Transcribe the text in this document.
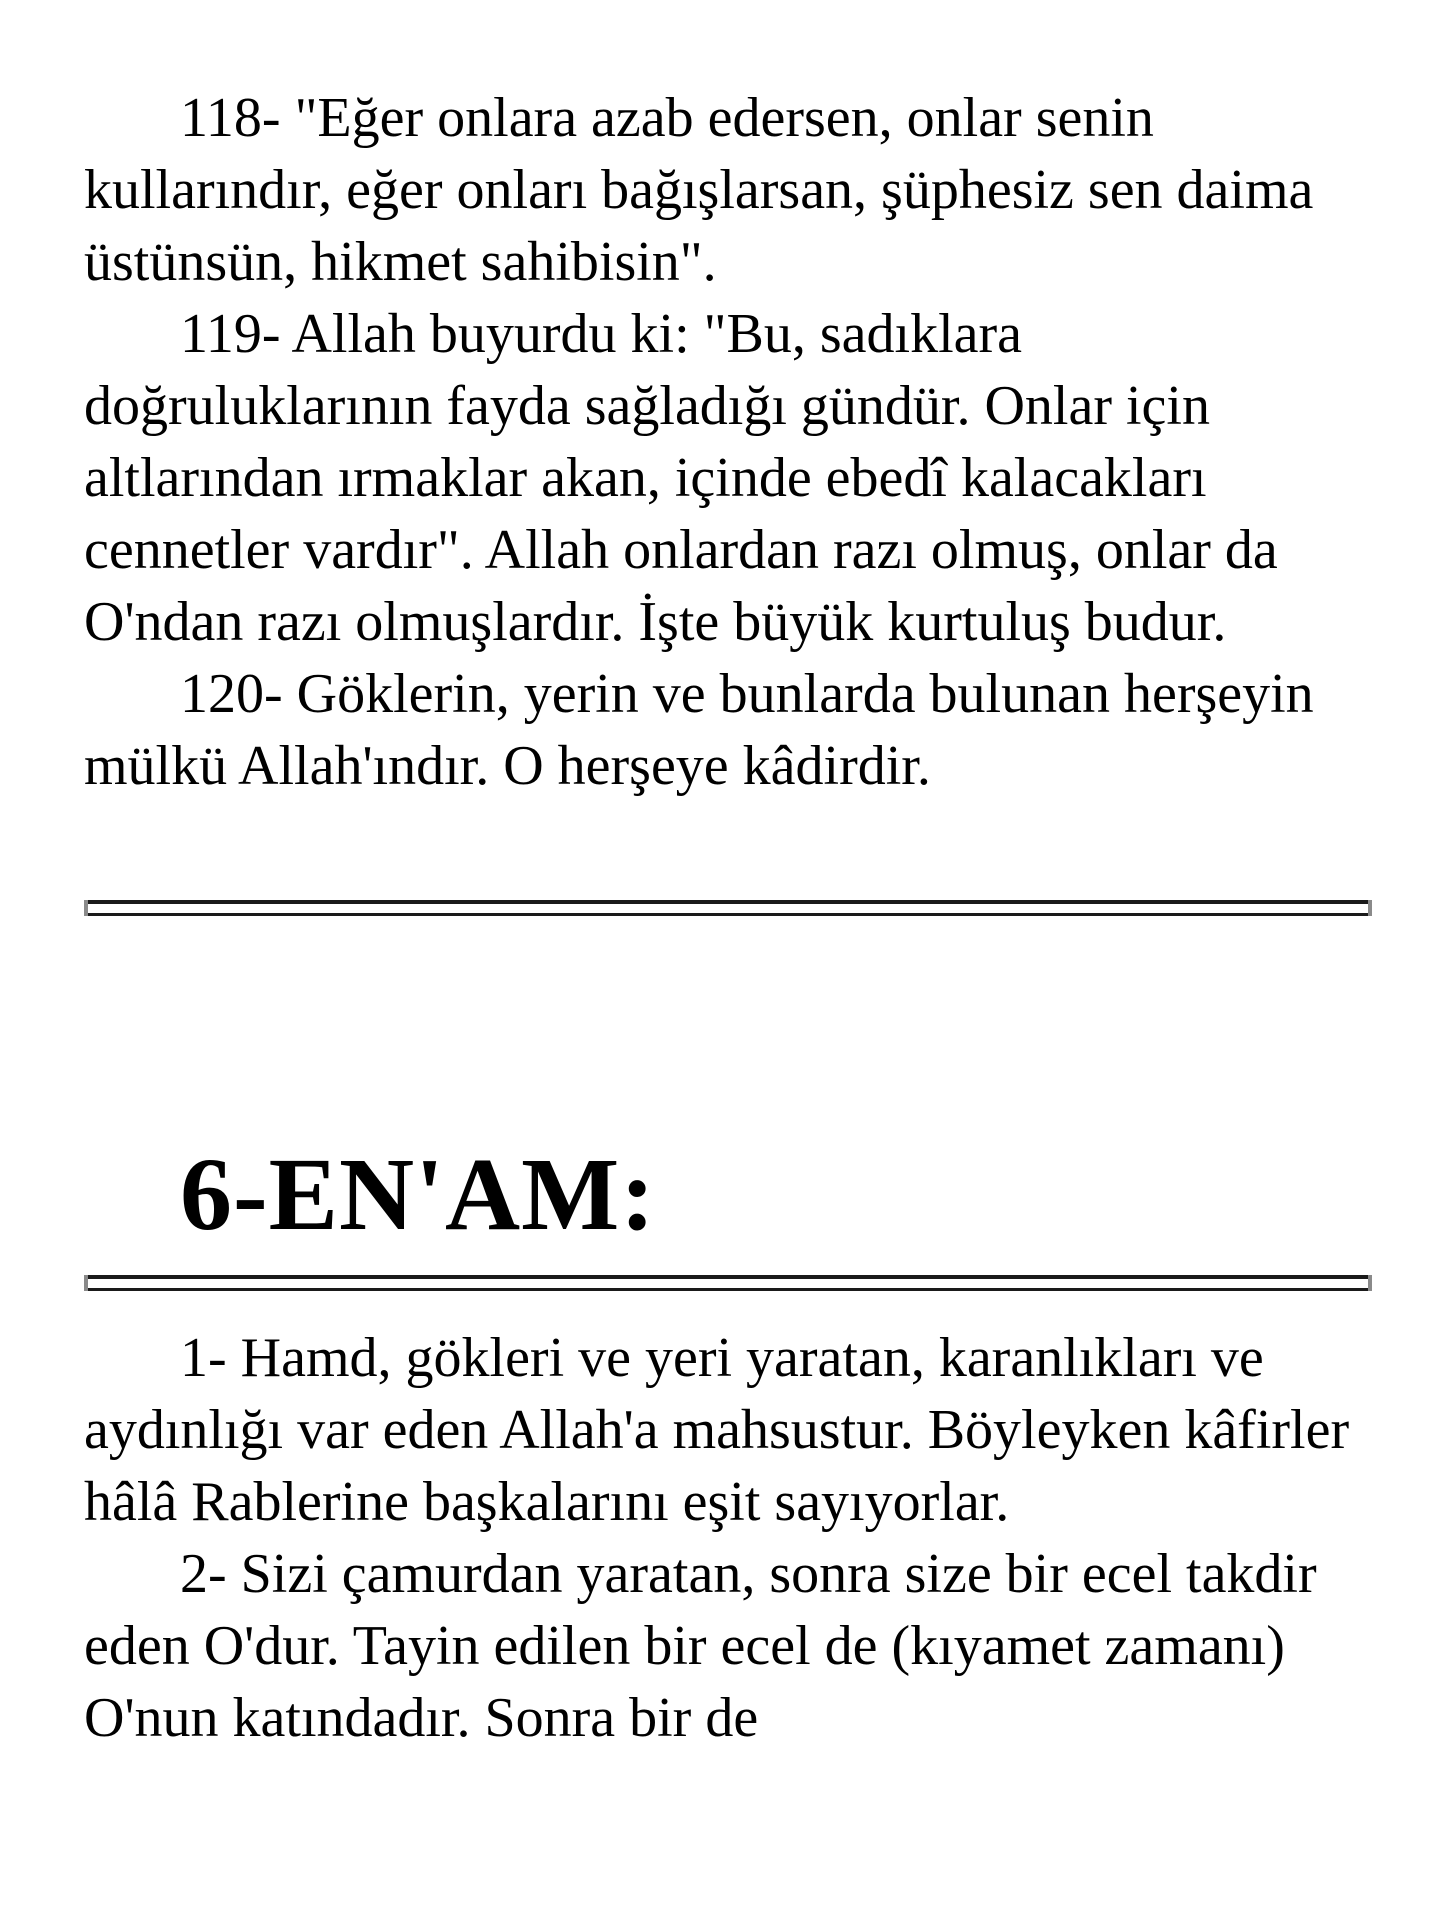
118- "Eğer onlara azab edersen, onlar senin kullarındır, eğer onları bağışlarsan, şüphesiz sen daima üstünsün, hikmet sahibisin".

119- Allah buyurdu ki: "Bu, sadıklara doğruluklarının fayda sağladığı gündür. Onlar için altlarından ırmaklar akan, içinde ebedî kalacakları cennetler vardır". Allah onlardan razı olmuş, onlar da O'ndan razı olmuşlardır. İşte büyük kurtuluş budur.

120- Göklerin, yerin ve bunlarda bulunan herşeyin mülkü Allah'ındır. O herşeye kâdirdir.

6-EN'AM:

1- Hamd, gökleri ve yeri yaratan, karanlıkları ve aydınlığı var eden Allah'a mahsustur. Böyleyken kâfirler hâlâ Rablerine başkalarını eşit sayıyorlar.

2- Sizi çamurdan yaratan, sonra size bir ecel takdir eden O'dur. Tayin edilen bir ecel de (kıyamet zamanı) O'nun katındadır. Sonra bir de
